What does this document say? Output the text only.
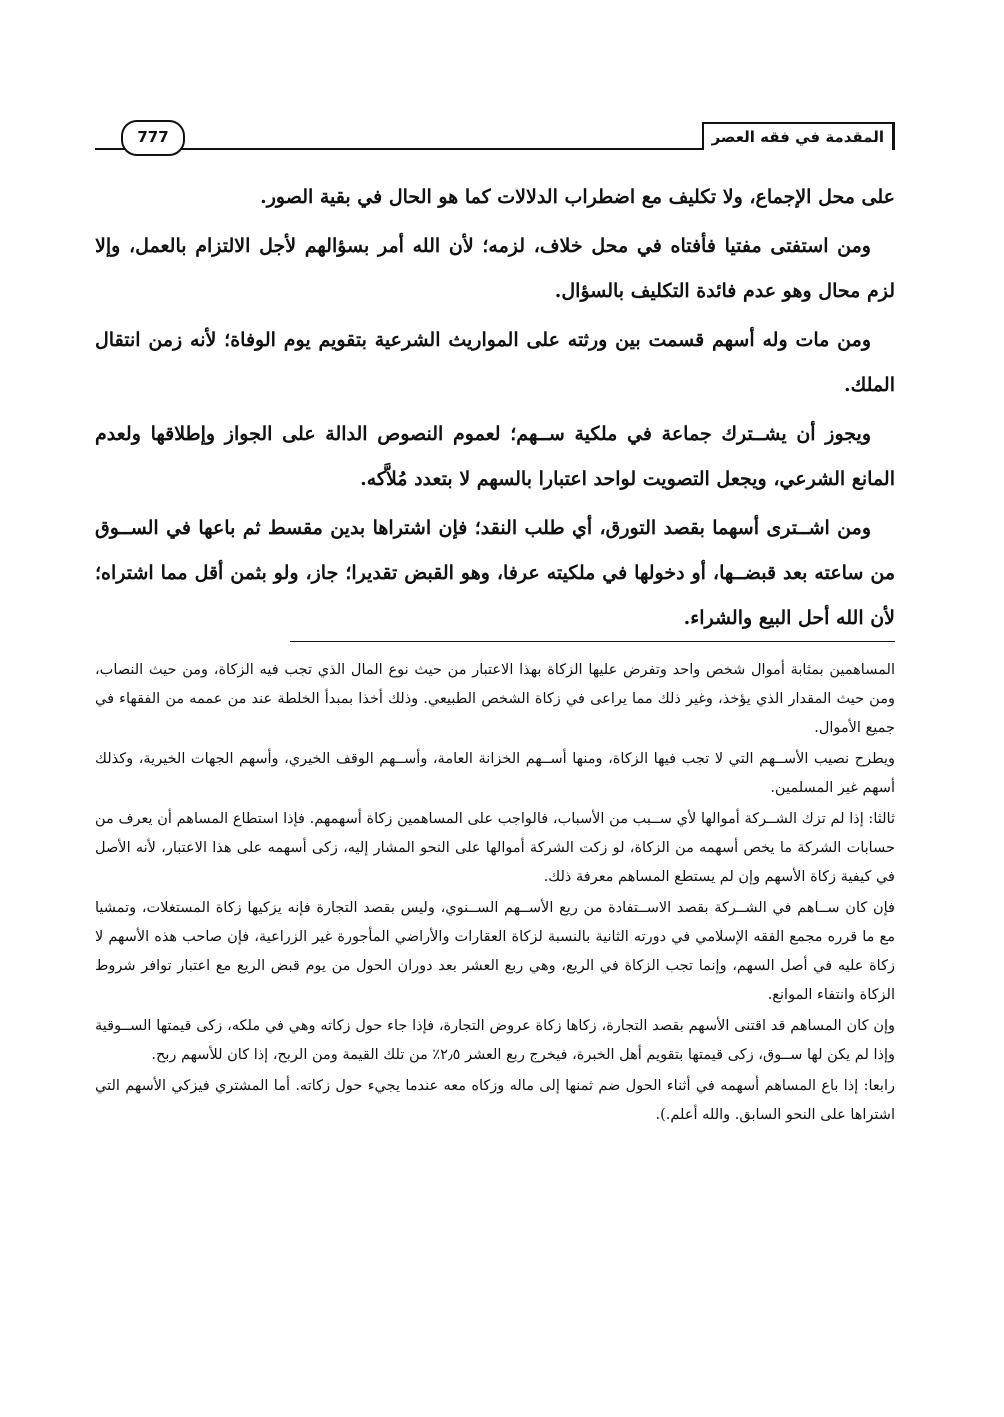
المقدمة في فقه العصر
777

على محل الإجماع، ولا تكليف مع اضطراب الدلالات كما هو الحال في بقية الصور.

ومن استفتى مفتيا فأفتاه في محل خلاف، لزمه؛ لأن الله أمر بسؤالهم لأجل الالتزام بالعمل، وإلا لزم محال وهو عدم فائدة التكليف بالسؤال.

ومن مات وله أسهم قسمت بين ورثته على المواريث الشرعية بتقويم يوم الوفاة؛ لأنه زمن انتقال الملك.

ويجوز أن يشــترك جماعة في ملكية ســهم؛ لعموم النصوص الدالة على الجواز وإطلاقها ولعدم المانع الشرعي، ويجعل التصويت لواحد اعتبارا بالسهم لا بتعدد مُلاَّكه.

ومن اشــترى أسهما بقصد التورق، أي طلب النقد؛ فإن اشتراها بدين مقسط ثم باعها في الســوق من ساعته بعد قبضــها، أو دخولها في ملكيته عرفا، وهو القبض تقديرا؛ جاز، ولو بثمن أقل مما اشتراه؛ لأن الله أحل البيع والشراء.

المساهمين بمثابة أموال شخص واحد وتفرض عليها الزكاة بهذا الاعتبار من حيث نوع المال الذي تجب فيه الزكاة، ومن حيث النصاب، ومن حيث المقدار الذي يؤخذ، وغير ذلك مما يراعى في زكاة الشخص الطبيعي. وذلك أخذا بمبدأ الخلطة عند من عممه من الفقهاء في جميع الأموال.

ويطرح نصيب الأســهم التي لا تجب فيها الزكاة، ومنها أســهم الخزانة العامة، وأســهم الوقف الخيري، وأسهم الجهات الخيرية، وكذلك أسهم غير المسلمين.

ثالثا: إذا لم تزك الشــركة أموالها لأي ســبب من الأسباب، فالواجب على المساهمين زكاة أسهمهم. فإذا استطاع المساهم أن يعرف من حسابات الشركة ما يخص أسهمه من الزكاة، لو زكت الشركة أموالها على النحو المشار إليه، زكى أسهمه على هذا الاعتبار، لأنه الأصل في كيفية زكاة الأسهم وإن لم يستطع المساهم معرفة ذلك.

فإن كان ســاهم في الشــركة بقصد الاســتفادة من ريع الأســهم الســنوي، وليس بقصد التجارة فإنه يزكيها زكاة المستغلات، وتمشيا مع ما قرره مجمع الفقه الإسلامي في دورته الثانية بالنسبة لزكاة العقارات والأراضي المأجورة غير الزراعية، فإن صاحب هذه الأسهم لا زكاة عليه في أصل السهم، وإنما تجب الزكاة في الريع، وهي ربع العشر بعد دوران الحول من يوم قبض الريع مع اعتبار توافر شروط الزكاة وانتفاء الموانع.

وإن كان المساهم قد اقتنى الأسهم بقصد التجارة، زكاها زكاة عروض التجارة، فإذا جاء حول زكاته وهي في ملكه، زكى قيمتها الســوقية وإذا لم يكن لها ســوق، زكى قيمتها بتقويم أهل الخبرة، فيخرج ربع العشر ٢٫٥٪ من تلك القيمة ومن الربح، إذا كان للأسهم ربح.

رابعا: إذا باع المساهم أسهمه في أثناء الحول ضم ثمنها إلى ماله وزكاه معه عندما يجيء حول زكاته. أما المشتري فيزكي الأسهم التي اشتراها على النحو السابق. والله أعلم.).
